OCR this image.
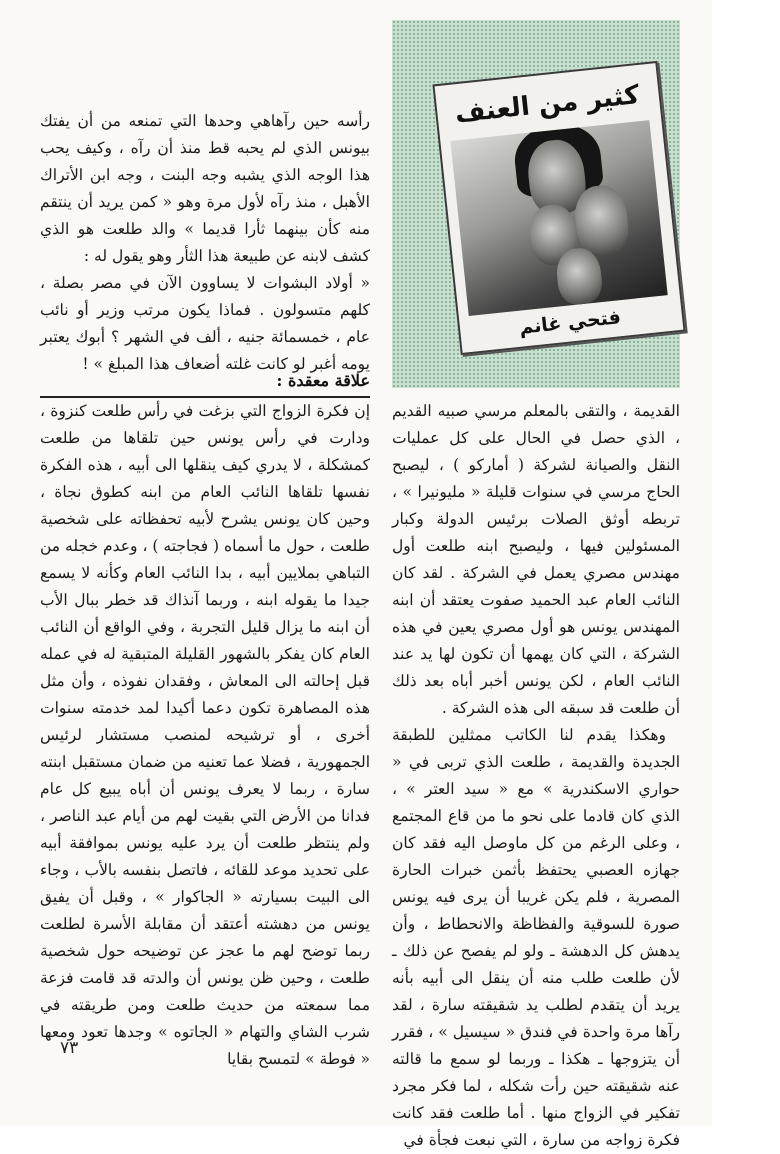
كثير من العنف
فتحي غانم

رأسه حين رآهاهي وحدها التي تمنعه من أن يفتك بيونس الذي لم يحبه قط منذ أن رآه ، وكيف يحب هذا الوجه الذي يشبه وجه البنت ، وجه ابن الأتراك الأهبل ، منذ رآه لأول مرة وهو « كمن يريد أن ينتقم منه كأن بينهما ثأرا قديما » والد طلعت هو الذي كشف لابنه عن طبيعة هذا الثأر وهو يقول له :

« أولاد البشوات لا يساوون الآن في مصر بصلة ، كلهم متسولون . فماذا يكون مرتب وزير أو نائب عام ، خمسمائة جنيه ، ألف في الشهر ؟ أبوك يعتبر يومه أغبر لو كانت غلته أضعاف هذا المبلغ » !

علاقة معقدة :

إن فكرة الزواج التي بزغت في رأس طلعت كنزوة ، ودارت في رأس يونس حين تلقاها من طلعت كمشكلة ، لا يدري كيف ينقلها الى أبيه ، هذه الفكرة نفسها تلقاها النائب العام من ابنه كطوق نجاة ، وحين كان يونس يشرح لأبيه تحفظاته على شخصية طلعت ، حول ما أسماه ( فجاجته ) ، وعدم خجله من التباهي بملايين أبيه ، بدا النائب العام وكأنه لا يسمع جيدا ما يقوله ابنه ، وربما آنذاك قد خطر ببال الأب أن ابنه ما يزال قليل التجربة ، وفي الواقع أن النائب العام كان يفكر بالشهور القليلة المتبقية له في عمله قبل إحالته الى المعاش ، وفقدان نفوذه ، وأن مثل هذه المصاهرة تكون دعما أكيدا لمد خدمته سنوات أخرى ، أو ترشيحه لمنصب مستشار لرئيس الجمهورية ، فضلا عما تعنيه من ضمان مستقبل ابنته سارة ، ربما لا يعرف يونس أن أباه يبيع كل عام فدانا من الأرض التي بقيت لهم من أيام عبد الناصر ، ولم ينتظر طلعت أن يرد عليه يونس بموافقة أبيه على تحديد موعد للقائه ، فاتصل بنفسه بالأب ، وجاء الى البيت بسيارته « الجاكوار » ، وقبل أن يفيق يونس من دهشته أعتقد أن مقابلة الأسرة لطلعت ربما توضح لهم ما عجز عن توضيحه حول شخصية طلعت ، وحين ظن يونس أن والدته قد قامت فزعة مما سمعته من حديث طلعت ومن طريقته في شرب الشاي والتهام « الجاتوه » وجدها تعود ومعها « فوطة » لتمسح بقايا

القديمة ، والتقى بالمعلم مرسي صبيه القديم ، الذي حصل في الحال على كل عمليات النقل والصيانة لشركة ( أماركو ) ، ليصبح الحاج مرسي في سنوات قليلة « مليونيرا » ، تربطه أوثق الصلات برئيس الدولة وكبار المسئولين فيها ، وليصبح ابنه طلعت أول مهندس مصري يعمل في الشركة . لقد كان النائب العام عبد الحميد صفوت يعتقد أن ابنه المهندس يونس هو أول مصري يعين في هذه الشركة ، التي كان يهمها أن تكون لها يد عند النائب العام ، لكن يونس أخبر أباه بعد ذلك أن طلعت قد سبقه الى هذه الشركة .

وهكذا يقدم لنا الكاتب ممثلين للطبقة الجديدة والقديمة ، طلعت الذي تربى في « حواري الاسكندرية » مع « سيد العتر » ، الذي كان قادما على نحو ما من قاع المجتمع ، وعلى الرغم من كل ماوصل اليه فقد كان جهازه العصبي يحتفظ بأثمن خبرات الحارة المصرية ، فلم يكن غريبا أن يرى فيه يونس صورة للسوقية والفظاظة والانحطاط ، وأن يدهش كل الدهشة ـ ولو لم يفصح عن ذلك ـ لأن طلعت طلب منه أن ينقل الى أبيه بأنه يريد أن يتقدم لطلب يد شقيقته سارة ، لقد رآها مرة واحدة في فندق « سيسيل » ، فقرر أن يتزوجها ـ هكذا ـ وربما لو سمع ما قالته عنه شقيقته حين رأت شكله ، لما فكر مجرد تفكير في الزواج منها . أما طلعت فقد كانت فكرة زواجه من سارة ، التي نبعت فجأة في

٧٣
